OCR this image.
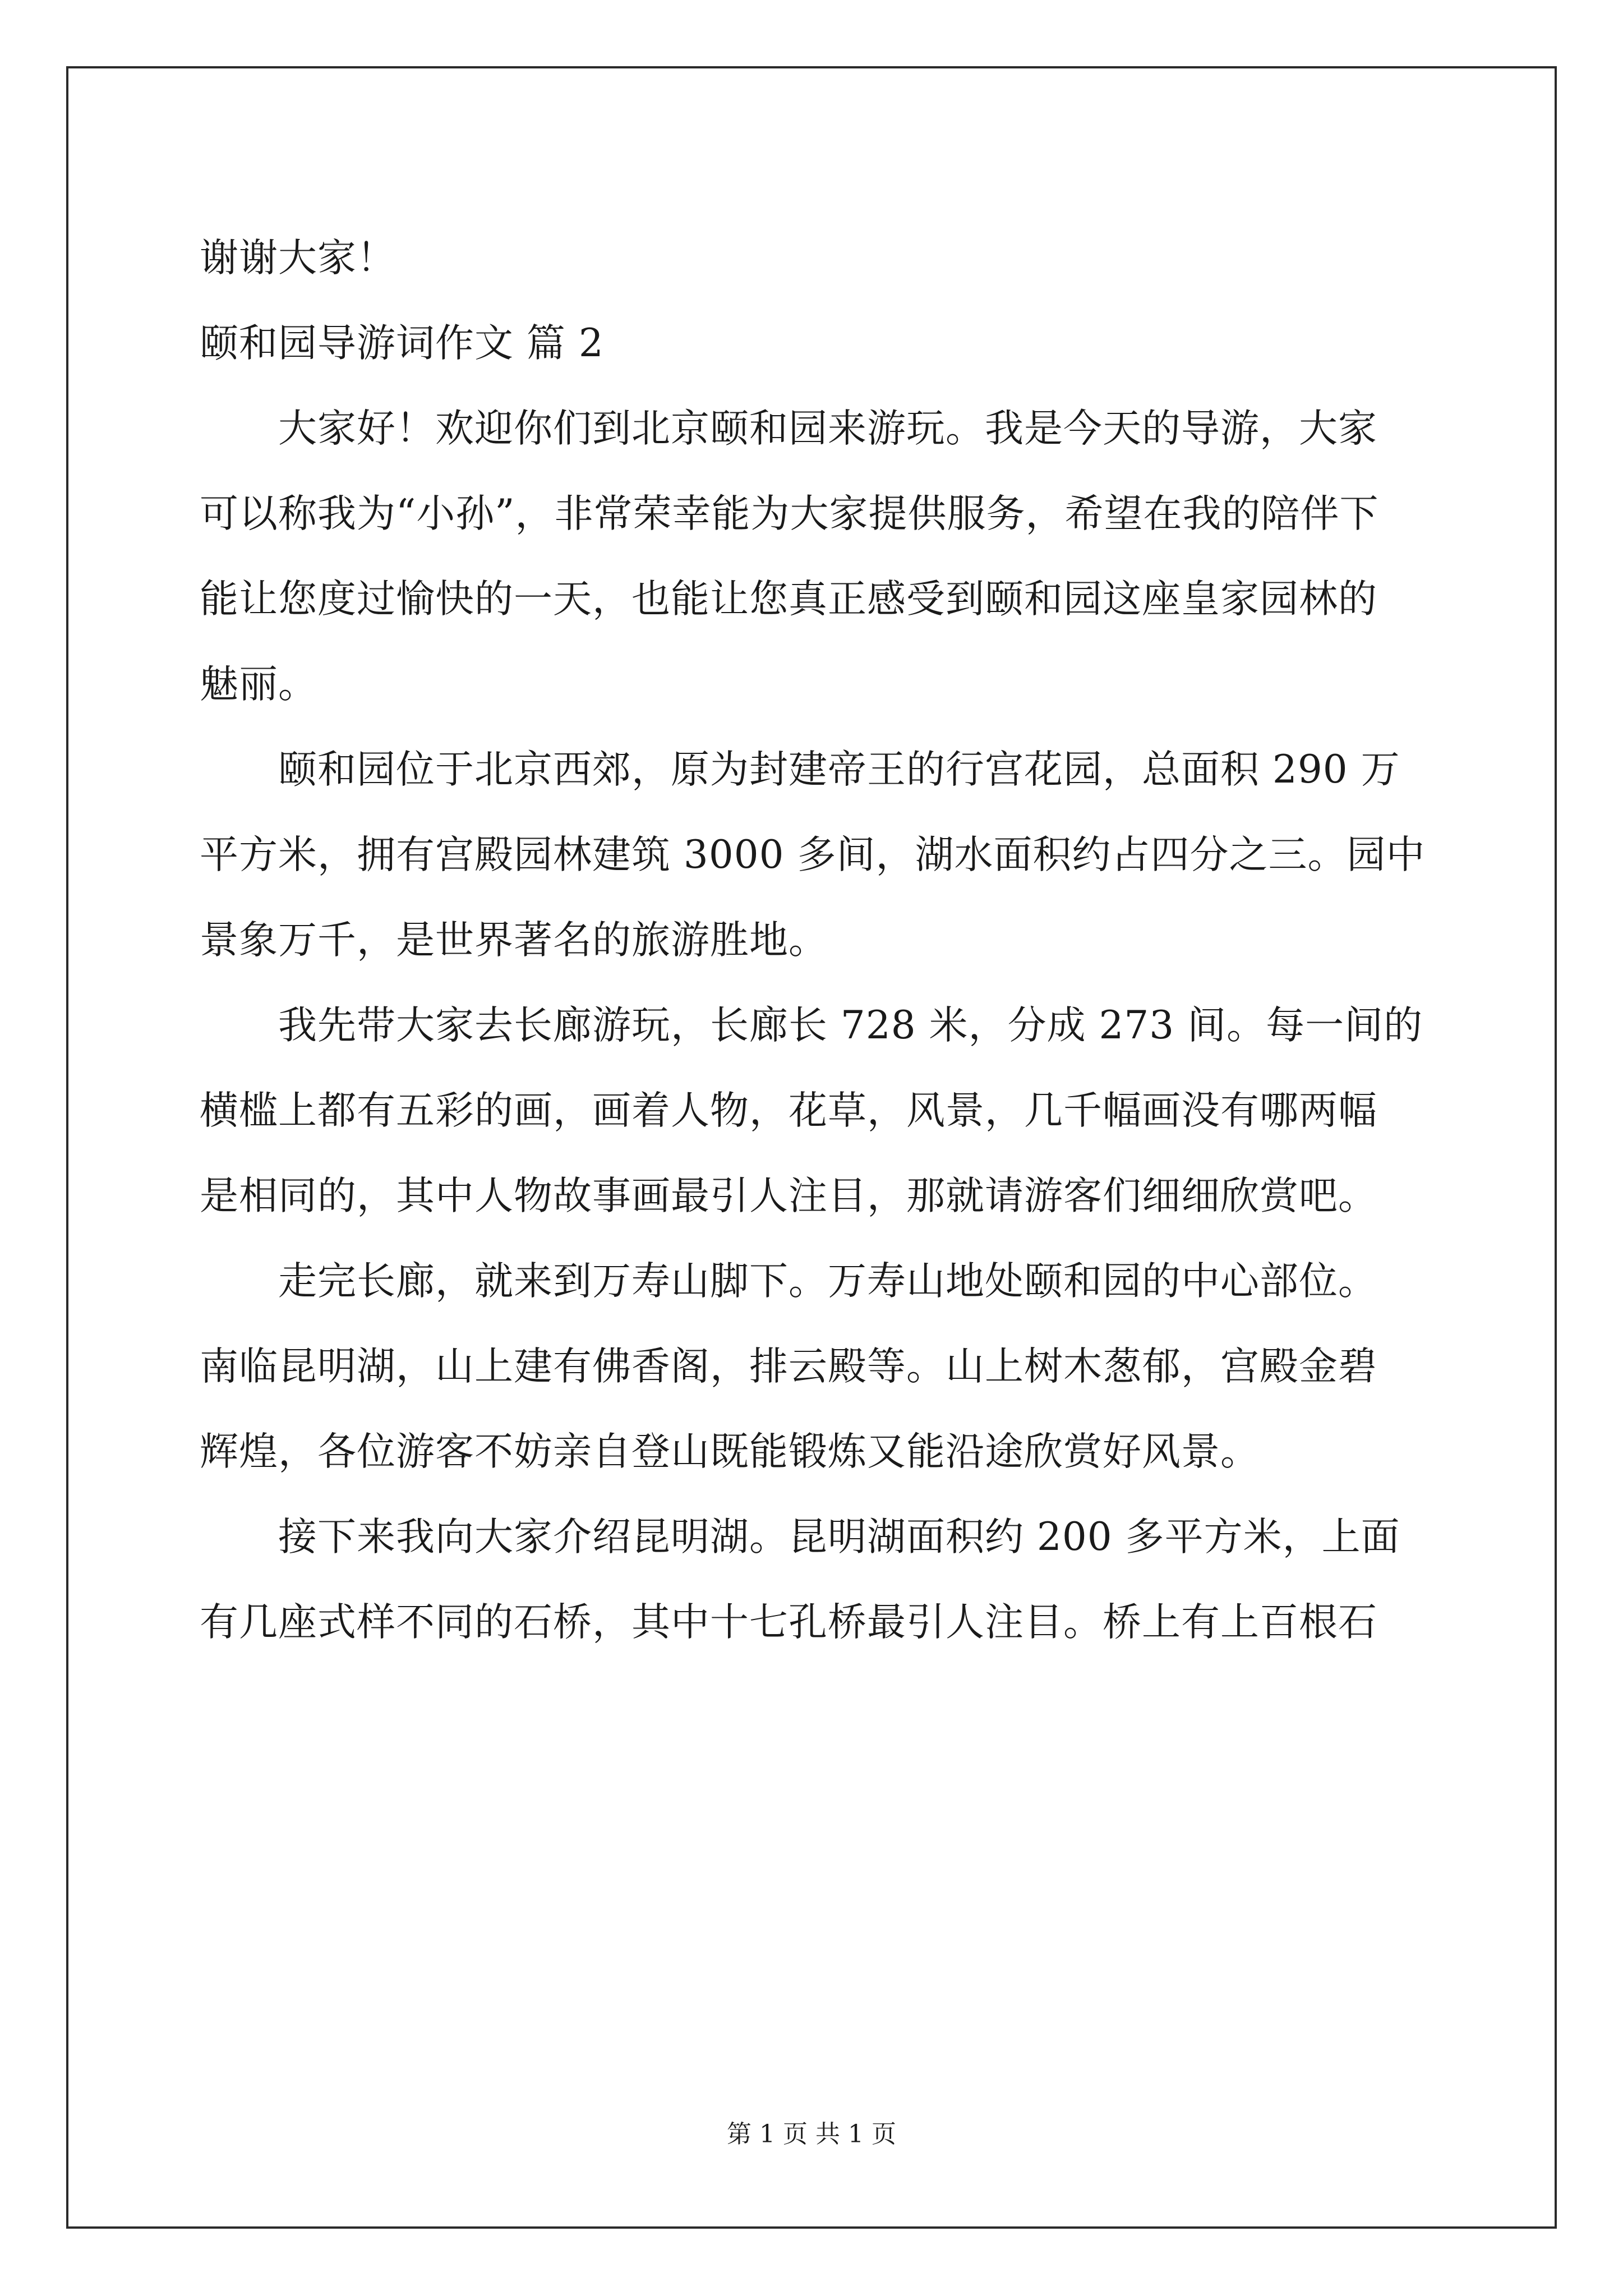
谢谢大家！
颐和园导游词作文 篇 2
大家好！欢迎你们到北京颐和园来游玩。我是今天的导游，大家
可以称我为“小孙”，非常荣幸能为大家提供服务，希望在我的陪伴下
能让您度过愉快的一天，也能让您真正感受到颐和园这座皇家园林的
魅丽。
颐和园位于北京西郊，原为封建帝王的行宫花园，总面积 290 万
平方米，拥有宫殿园林建筑 3000 多间，湖水面积约占四分之三。园中
景象万千，是世界著名的旅游胜地。
我先带大家去长廊游玩，长廊长 728 米，分成 273 间。每一间的
横槛上都有五彩的画，画着人物，花草，风景，几千幅画没有哪两幅
是相同的，其中人物故事画最引人注目，那就请游客们细细欣赏吧。
走完长廊，就来到万寿山脚下。万寿山地处颐和园的中心部位。
南临昆明湖，山上建有佛香阁，排云殿等。山上树木葱郁，宫殿金碧
辉煌，各位游客不妨亲自登山既能锻炼又能沿途欣赏好风景。
接下来我向大家介绍昆明湖。昆明湖面积约 200 多平方米，上面
有几座式样不同的石桥，其中十七孔桥最引人注目。桥上有上百根石
第 1 页 共 1 页
